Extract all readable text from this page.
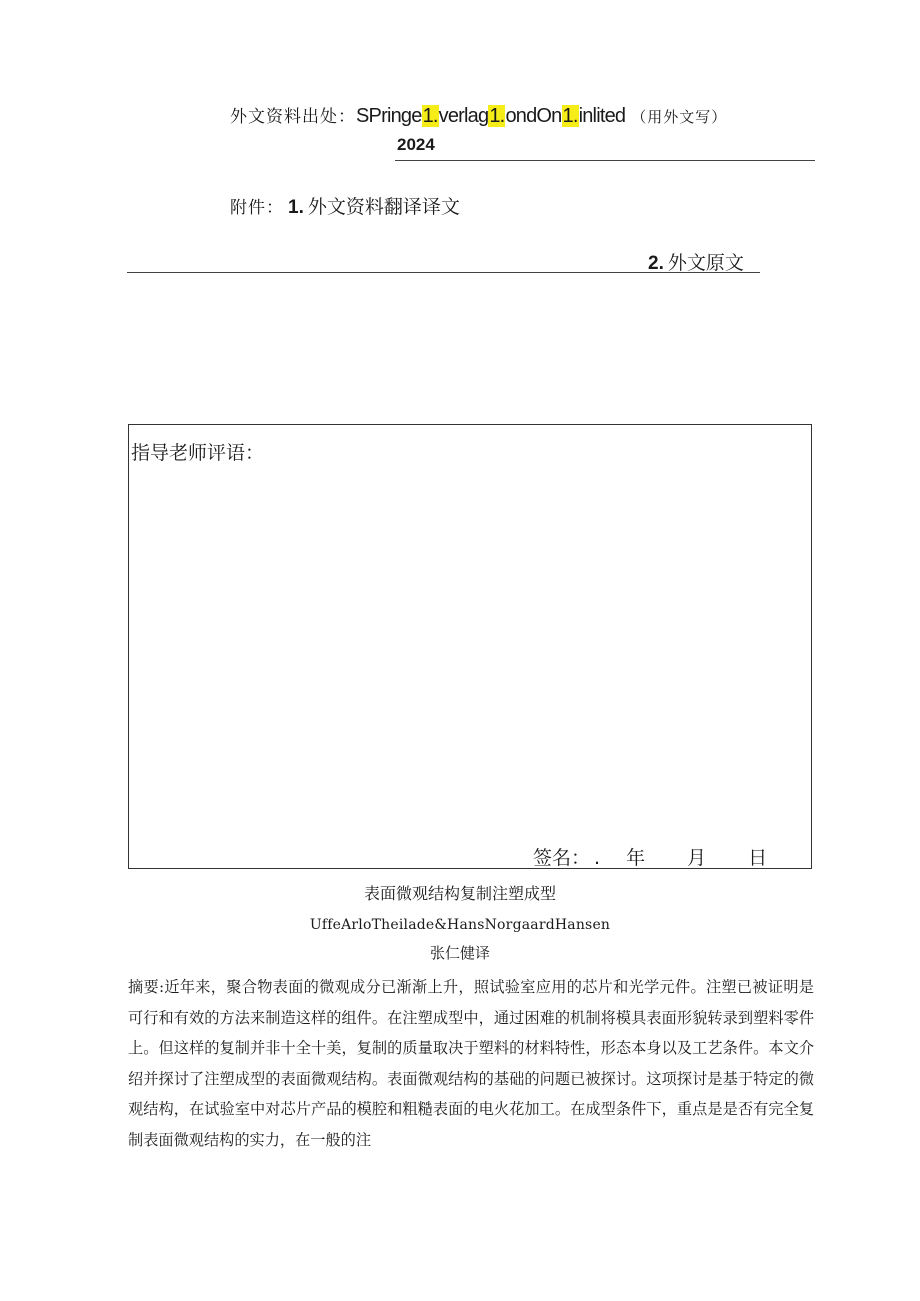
外文资料出处： SPringe1.verlag1.ondOn1.inlited （用外文写）
2024
附件： 1. 外文资料翻译译文
2. 外文原文
指导老师评语：
签名： . 年 月 日
表面微观结构复制注塑成型
UffeArloTheilade&HansNorgaardHansen
张仁健译
摘要:近年来，聚合物表面的微观成分已渐渐上升，照试验室应用的芯片和光学元件。注塑已被证明是可行和有效的方法来制造这样的组件。在注塑成型中，通过困难的机制将模具表面形貌转录到塑料零件上。但这样的复制并非十全十美，复制的质量取决于塑料的材料特性，形态本身以及工艺条件。本文介绍并探讨了注塑成型的表面微观结构。表面微观结构的基础的问题已被探讨。这项探讨是基于特定的微观结构，在试验室中对芯片产品的模腔和粗糙表面的电火花加工。在成型条件下，重点是是否有完全复制表面微观结构的实力，在一般的注
